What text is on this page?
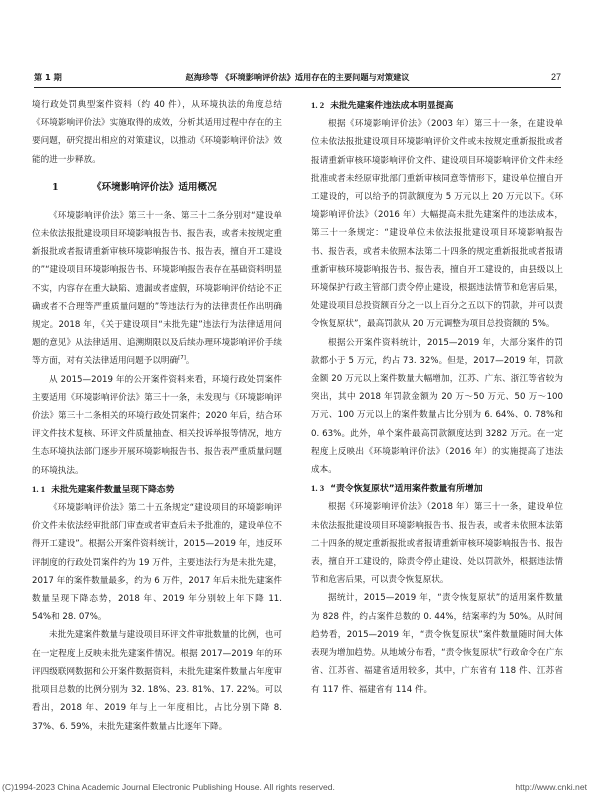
第 1 期	赵海珍等 《环境影响评价法》适用存在的主要问题与对策建议	27

境行政处罚典型案件资料（约 40 件），从环境执法的角度总结《环境影响评价法》实施取得的成效，分析其适用过程中存在的主要问题，研究提出相应的对策建议，以推动《环境影响评价法》效能的进一步释放。

1	《环境影响评价法》适用概况

《环境影响评价法》第三十一条、第三十二条分别对“建设单位未依法报批建设项目环境影响报告书、报告表，或者未按规定重新报批或者报请重新审核环境影响报告书、报告表，擅自开工建设的”“建设项目环境影响报告书、环境影响报告表存在基础资料明显不实，内容存在重大缺陷、遗漏或者虚假，环境影响评价结论不正确或者不合理等严重质量问题的”等违法行为的法律责任作出明确规定。2018 年，《关于建设项目“未批先建”违法行为法律适用问题的意见》从法律适用、追溯期限以及后续办理环境影响评价手续等方面，对有关法律适用问题予以明确[7]。

从 2015—2019 年的公开案件资料来看，环境行政处罚案件主要适用《环境影响评价法》第三十一条，未发现与《环境影响评价法》第三十二条相关的环境行政处罚案件；2020 年后，结合环评文件技术复核、环评文件质量抽查、相关投诉举报等情况，地方生态环境执法部门逐步开展环境影响报告书、报告表严重质量问题的环境执法。

1. 1 未批先建案件数量呈现下降态势

《环境影响评价法》第二十五条规定“建设项目的环境影响评价文件未依法经审批部门审查或者审查后未予批准的，建设单位不得开工建设”。根据公开案件资料统计，2015—2019 年，违反环评制度的行政处罚案件约为 19 万件，主要违法行为是未批先建，2017 年的案件数量最多，约为 6 万件，2017 年后未批先建案件数量呈现下降态势，2018 年、2019 年分别较上年下降 11. 54%和 28. 07%。

未批先建案件数量与建设项目环评文件审批数量的比例，也可在一定程度上反映未批先建案件情况。根据 2017—2019 年的环评四级联网数据和公开案件数据资料，未批先建案件数量占年度审批项目总数的比例分别为 32. 18%、23. 81%、17. 22%。可以看出，2018 年、2019 年与上一年度相比，占比分别下降 8. 37%、6. 59%，未批先建案件数量占比逐年下降。

1. 2 未批先建案件违法成本明显提高

根据《环境影响评价法》（2003 年）第三十一条，在建设单位未依法报批建设项目环境影响评价文件或未按规定重新报批或者报请重新审核环境影响评价文件、建设项目环境影响评价文件未经批准或者未经原审批部门重新审核同意等情形下，建设单位擅自开工建设的，可以给予的罚款额度为 5 万元以上 20 万元以下。《环境影响评价法》（2016 年）大幅提高未批先建案件的违法成本，第三十一条规定：“建设单位未依法报批建设项目环境影响报告书、报告表，或者未依照本法第二十四条的规定重新报批或者报请重新审核环境影响报告书、报告表，擅自开工建设的，由县级以上环境保护行政主管部门责令停止建设，根据违法情节和危害后果，处建设项目总投资额百分之一以上百分之五以下的罚款，并可以责令恢复原状”，最高罚款从 20 万元调整为项目总投资额的 5%。

根据公开案件资料统计，2015—2019 年，大部分案件的罚款都小于 5 万元，约占 73. 32%。但是，2017—2019 年，罚款金额 20 万元以上案件数量大幅增加，江苏、广东、浙江等省较为突出，其中 2018 年罚款金额为 20 万～50 万元、50 万～100 万元、100 万元以上的案件数量占比分别为 6. 64%、0. 78%和 0. 63%。此外，单个案件最高罚款额度达到 3282 万元。在一定程度上反映出《环境影响评价法》（2016 年）的实施提高了违法成本。

1. 3 “责令恢复原状”适用案件数量有所增加

根据《环境影响评价法》（2018 年）第三十一条，建设单位未依法报批建设项目环境影响报告书、报告表，或者未依照本法第二十四条的规定重新报批或者报请重新审核环境影响报告书、报告表，擅自开工建设的，除责令停止建设、处以罚款外，根据违法情节和危害后果，可以责令恢复原状。

据统计，2015—2019 年，“责令恢复原状”的适用案件数量为 828 件，约占案件总数的 0. 44%，结案率约为 50%。从时间趋势看，2015—2019 年，“责令恢复原状”案件数量随时间大体表现为增加趋势。从地域分布看，“责令恢复原状”行政命令在广东省、江苏省、福建省适用较多，其中，广东省有 118 件、江苏省有 117 件、福建省有 114 件。

(C)1994-2023 China Academic Journal Electronic Publishing House. All rights reserved.	http://www.cnki.net
